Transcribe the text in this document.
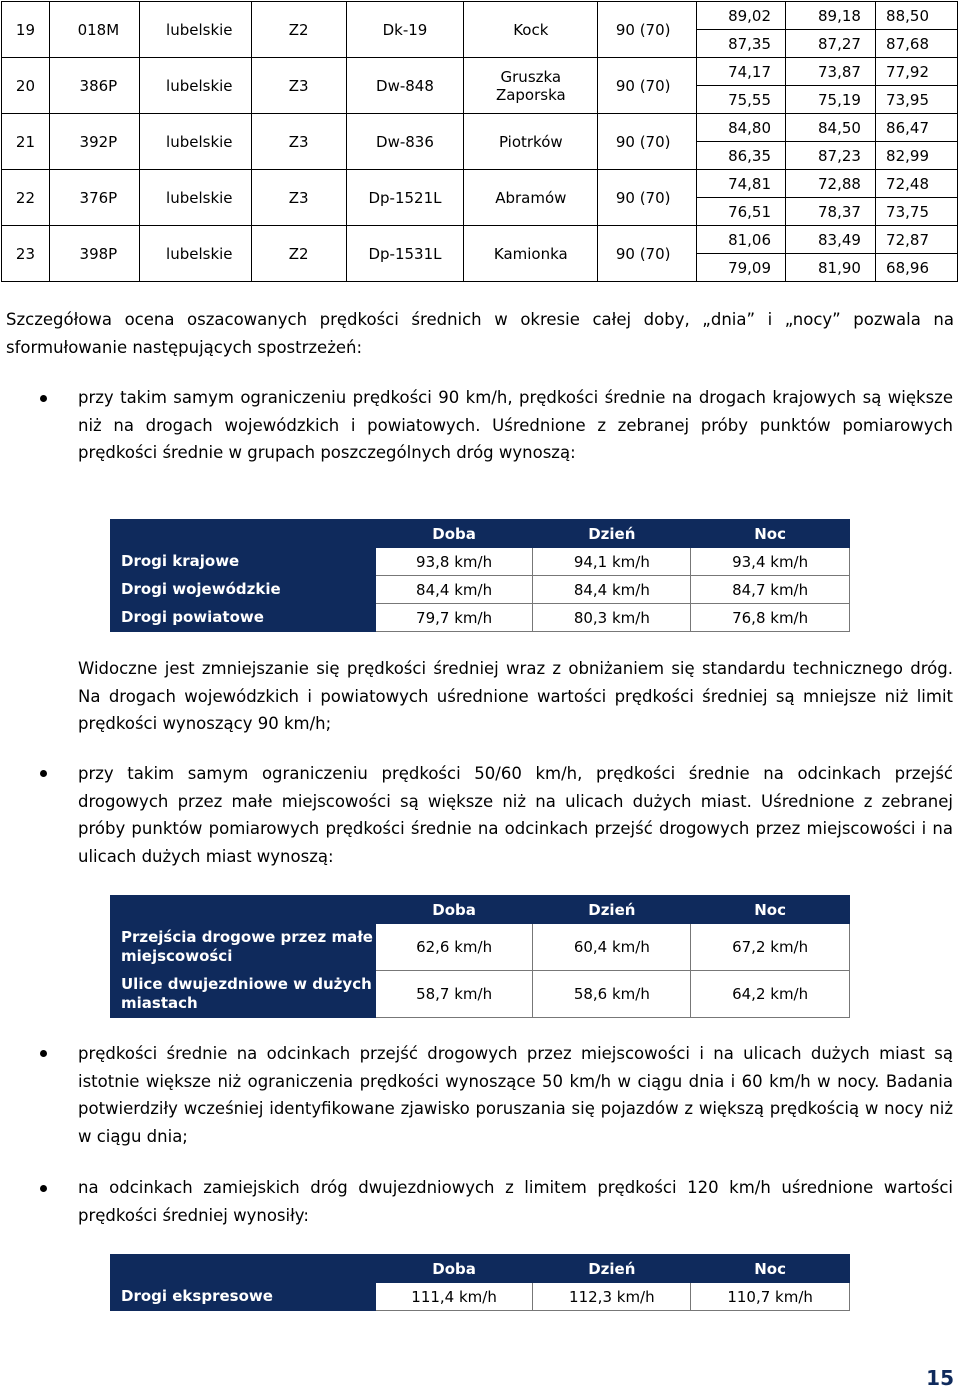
19	018M	lubelskie	Z2	Dk-19	Kock	90 (70)	89,02	89,18	88,50
							87,35	87,27	87,68

20	386P	lubelskie	Z3	Dw-848	Gruszka Zaporska	90 (70)	74,17	73,87	77,92
							75,55	75,19	73,95

21	392P	lubelskie	Z3	Dw-836	Piotrków	90 (70)	84,80	84,50	86,47
							86,35	87,23	82,99

22	376P	lubelskie	Z3	Dp-1521L	Abramów	90 (70)	74,81	72,88	72,48
							76,51	78,37	73,75

23	398P	lubelskie	Z2	Dp-1531L	Kamionka	90 (70)	81,06	83,49	72,87
							79,09	81,90	68,96
Szczegółowa ocena oszacowanych prędkości średnich w okresie całej doby, „dnia” i „nocy” pozwala na sformułowanie następujących spostrzeżeń:
przy takim samym ograniczeniu prędkości 90 km/h, prędkości średnie na drogach krajowych są większe niż na drogach wojewódzkich i powiatowych. Uśrednione z zebranej próby punktów pomiarowych prędkości średnie w grupach poszczególnych dróg wynoszą:
	Doba	Dzień	Noc
Drogi krajowe	93,8 km/h	94,1 km/h	93,4 km/h
Drogi wojewódzkie	84,4 km/h	84,4 km/h	84,7 km/h
Drogi powiatowe	79,7 km/h	80,3 km/h	76,8 km/h
Widoczne jest zmniejszanie się prędkości średniej wraz z obniżaniem się standardu technicznego dróg. Na drogach wojewódzkich i powiatowych uśrednione wartości prędkości średniej są mniejsze niż limit prędkości wynoszący 90 km/h;
przy takim samym ograniczeniu prędkości 50/60 km/h, prędkości średnie na odcinkach przejść drogowych przez małe miejscowości są większe niż na ulicach dużych miast. Uśrednione z zebranej próby punktów pomiarowych prędkości średnie na odcinkach przejść drogowych przez miejscowości i na ulicach dużych miast wynoszą:
	Doba	Dzień	Noc
Przejścia drogowe przez małe miejscowości	62,6 km/h	60,4 km/h	67,2 km/h
Ulice dwujezdniowe w dużych miastach	58,7 km/h	58,6 km/h	64,2 km/h
prędkości średnie na odcinkach przejść drogowych przez miejscowości i na ulicach dużych miast są istotnie większe niż ograniczenia prędkości wynoszące 50 km/h w ciągu dnia i 60 km/h w nocy. Badania potwierdziły wcześniej identyfikowane zjawisko poruszania się pojazdów z większą prędkością w nocy niż w ciągu dnia;
na odcinkach zamiejskich dróg dwujezdniowych z limitem prędkości 120 km/h uśrednione wartości prędkości średniej wynosiły:
	Doba	Dzień	Noc
Drogi ekspresowe	111,4 km/h	112,3 km/h	110,7 km/h
15
